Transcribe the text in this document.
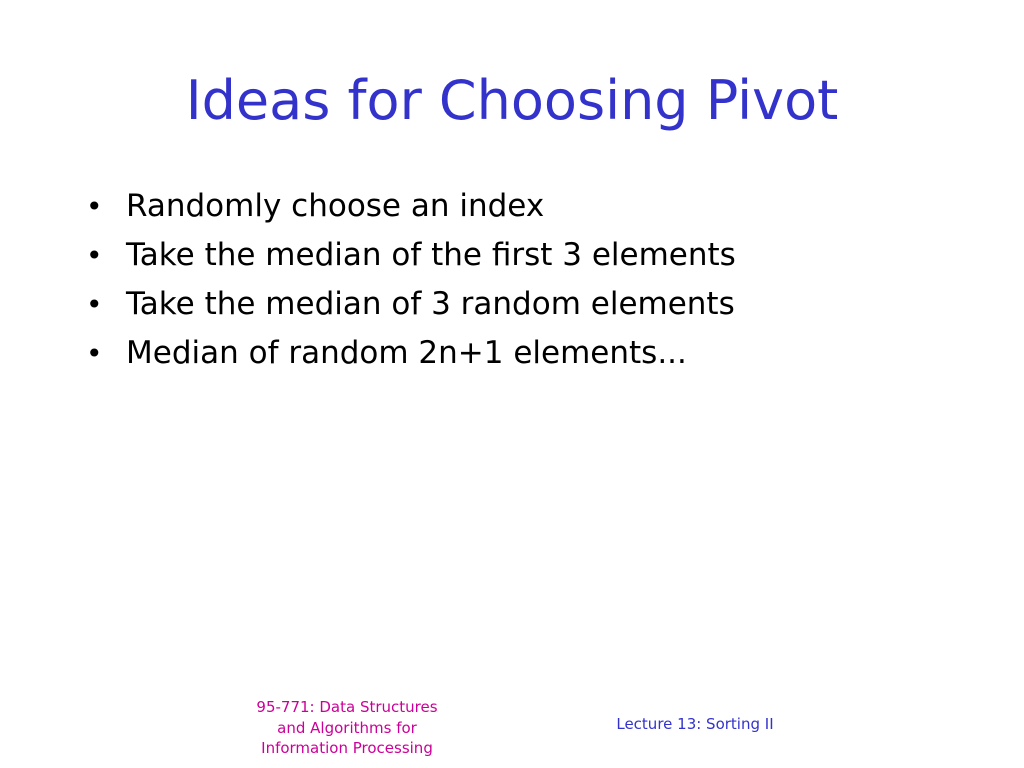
Ideas for Choosing Pivot
• Randomly choose an index
• Take the median of the first 3 elements
• Take the median of 3 random elements
• Median of random 2n+1 elements...
95-771: Data Structures
and Algorithms for
Information Processing
Lecture 13: Sorting II
